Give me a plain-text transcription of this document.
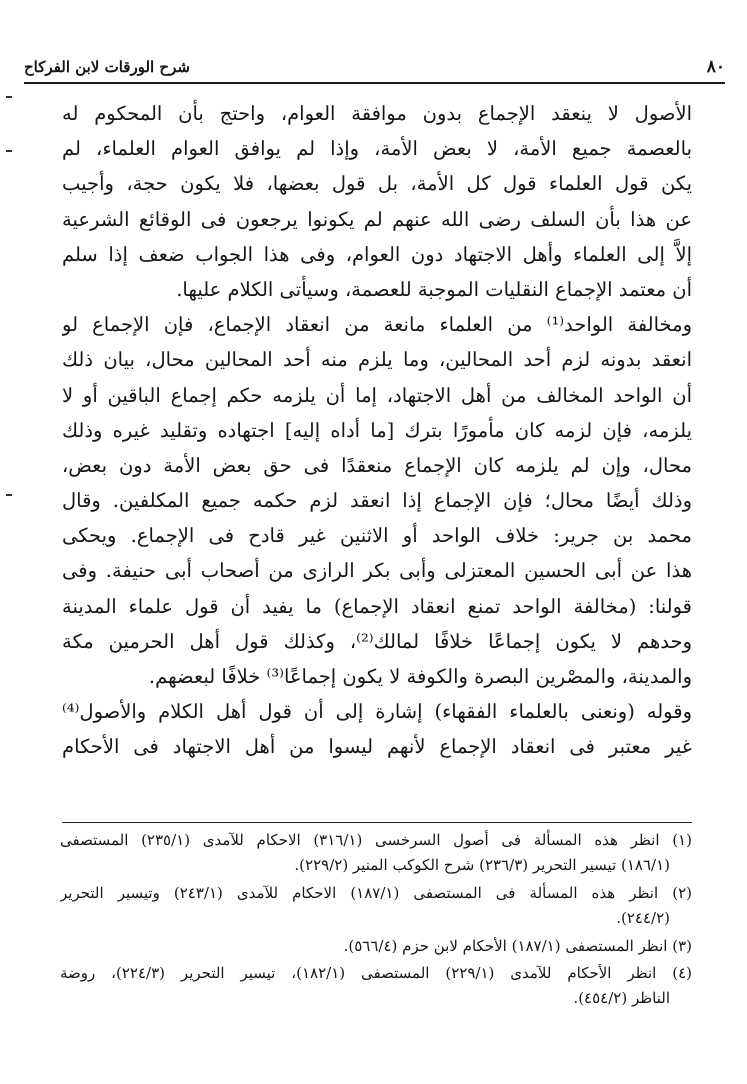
٨٠
شرح الورقات لابن الفركاح
الأصول لا ينعقد الإجماع بدون موافقة العوام، واحتج بأن المحكوم له
بالعصمة جميع الأمة، لا بعض الأمة، وإذا لم يوافق العوام العلماء، لم
يكن قول العلماء قول كل الأمة، بل قول بعضها، فلا يكون حجة، وأجيب
عن هذا بأن السلف رضى الله عنهم لم يكونوا يرجعون فى الوقائع الشرعية
إلاَّ إلى العلماء وأهل الاجتهاد دون العوام، وفى هذا الجواب ضعف إذا سلم
أن معتمد الإجماع النقليات الموجبة للعصمة، وسيأتى الكلام عليها.
ومخالفة الواحد⁽¹⁾ من العلماء مانعة من انعقاد الإجماع، فإن الإجماع لو
انعقد بدونه لزم أحد المحالين، وما يلزم منه أحد المحالين محال، بيان ذلك
أن الواحد المخالف من أهل الاجتهاد، إما أن يلزمه حكم إجماع الباقين أو لا
يلزمه، فإن لزمه كان مأمورًا بترك [ما أداه إليه] اجتهاده وتقليد غيره وذلك
محال، وإن لم يلزمه كان الإجماع منعقدًا فى حق بعض الأمة دون بعض،
وذلك أيضًا محال؛ فإن الإجماع إذا انعقد لزم حكمه جميع المكلفين. وقال
محمد بن جرير: خلاف الواحد أو الاثنين غير قادح فى الإجماع. ويحكى
هذا عن أبى الحسين المعتزلى وأبى بكر الرازى من أصحاب أبى حنيفة. وفى
قولنا: (مخالفة الواحد تمنع انعقاد الإجماع) ما يفيد أن قول علماء المدينة
وحدهم لا يكون إجماعًا خلافًا لمالك⁽²⁾، وكذلك قول أهل الحرمين مكة
والمدينة، والمصْرين البصرة والكوفة لا يكون إجماعًا⁽³⁾ خلافًا لبعضهم.
وقوله (ونعنى بالعلماء الفقهاء) إشارة إلى أن قول أهل الكلام والأصول⁽⁴⁾
غير معتبر فى انعقاد الإجماع لأنهم ليسوا من أهل الاجتهاد فى الأحكام
(١) انظر هذه المسألة فى أصول السرخسى (٣١٦/١) الاحكام للآمدى (٢٣٥/١) المستصفى
(١٨٦/١) تيسير التحرير (٢٣٦/٣) شرح الكوكب المنير (٢٢٩/٢).
(٢) انظر هذه المسألة فى المستصفى (١٨٧/١) الاحكام للآمدى (٢٤٣/١) وتيسير التحرير
(٢٤٤/٢).
(٣) انظر المستصفى (١٨٧/١) الأحكام لابن حزم (٥٦٦/٤).
(٤) انظر الأحكام للآمدى (٢٢٩/١) المستصفى (١٨٢/١)، تيسير التحرير (٢٢٤/٣)، روضة
الناظر (٤٥٤/٢).
